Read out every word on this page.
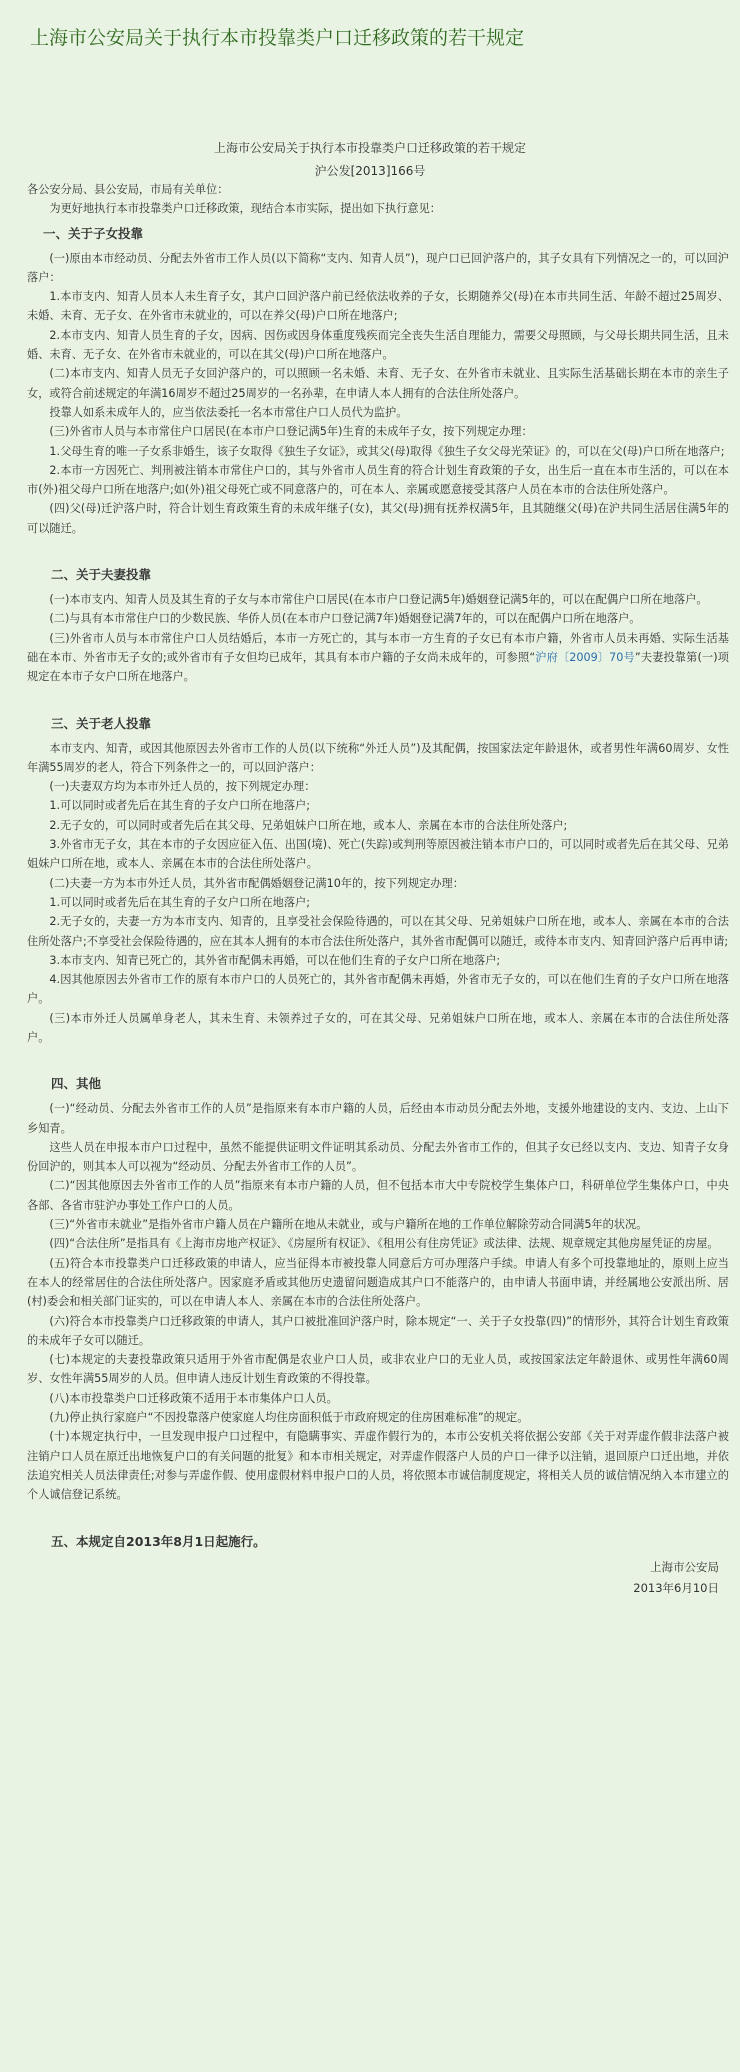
上海市公安局关于执行本市投靠类户口迁移政策的若干规定
上海市公安局关于执行本市投靠类户口迁移政策的若干规定
沪公发[2013]166号

各公安分局、县公安局，市局有关单位：

为更好地执行本市投靠类户口迁移政策，现结合本市实际，提出如下执行意见：

一、关于子女投靠

(一)原由本市经动员、分配去外省市工作人员(以下简称“支内、知青人员”)，现户口已回沪落户的，其子女具有下列情况之一的，可以回沪落户：

1.本市支内、知青人员本人未生育子女，其户口回沪落户前已经依法收养的子女，长期随养父(母)在本市共同生活、年龄不超过25周岁、未婚、未育、无子女、在外省市未就业的，可以在养父(母)户口所在地落户;

2.本市支内、知青人员生育的子女，因病、因伤或因身体重度残疾而完全丧失生活自理能力，需要父母照顾，与父母长期共同生活，且未婚、未育、无子女、在外省市未就业的，可以在其父(母)户口所在地落户。

(二)本市支内、知青人员无子女回沪落户的，可以照顾一名未婚、未育、无子女、在外省市未就业、且实际生活基础长期在本市的亲生子女，或符合前述规定的年满16周岁不超过25周岁的一名孙辈，在申请人本人拥有的合法住所处落户。

投靠人如系未成年人的，应当依法委托一名本市常住户口人员代为监护。

(三)外省市人员与本市常住户口居民(在本市户口登记满5年)生育的未成年子女，按下列规定办理：

1.父母生育的唯一子女系非婚生，该子女取得《独生子女证》，或其父(母)取得《独生子女父母光荣证》的，可以在父(母)户口所在地落户;

2.本市一方因死亡、判刑被注销本市常住户口的，其与外省市人员生育的符合计划生育政策的子女，出生后一直在本市生活的，可以在本市(外)祖父母户口所在地落户;如(外)祖父母死亡或不同意落户的，可在本人、亲属或愿意接受其落户人员在本市的合法住所处落户。

(四)父(母)迁沪落户时，符合计划生育政策生育的未成年继子(女)，其父(母)拥有抚养权满5年，且其随继父(母)在沪共同生活居住满5年的可以随迁。

二、关于夫妻投靠

(一)本市支内、知青人员及其生育的子女与本市常住户口居民(在本市户口登记满5年)婚姻登记满5年的，可以在配偶户口所在地落户。

(二)与具有本市常住户口的少数民族、华侨人员(在本市户口登记满7年)婚姻登记满7年的，可以在配偶户口所在地落户。

(三)外省市人员与本市常住户口人员结婚后，本市一方死亡的，其与本市一方生育的子女已有本市户籍，外省市人员未再婚、实际生活基础在本市、外省市无子女的;或外省市有子女但均已成年，其具有本市户籍的子女尚未成年的，可参照“沪府〔2009〕70号”夫妻投靠第(一)项规定在本市子女户口所在地落户。

三、关于老人投靠

本市支内、知青，或因其他原因去外省市工作的人员(以下统称“外迁人员”)及其配偶，按国家法定年龄退休，或者男性年满60周岁、女性年满55周岁的老人，符合下列条件之一的，可以回沪落户：

(一)夫妻双方均为本市外迁人员的，按下列规定办理：

1.可以同时或者先后在其生育的子女户口所在地落户;

2.无子女的，可以同时或者先后在其父母、兄弟姐妹户口所在地，或本人、亲属在本市的合法住所处落户;

3.外省市无子女，其在本市的子女因应征入伍、出国(境)、死亡(失踪)或判刑等原因被注销本市户口的，可以同时或者先后在其父母、兄弟姐妹户口所在地，或本人、亲属在本市的合法住所处落户。

(二)夫妻一方为本市外迁人员，其外省市配偶婚姻登记满10年的，按下列规定办理：

1.可以同时或者先后在其生育的子女户口所在地落户;

2.无子女的，夫妻一方为本市支内、知青的，且享受社会保险待遇的，可以在其父母、兄弟姐妹户口所在地，或本人、亲属在本市的合法住所处落户;不享受社会保险待遇的，应在其本人拥有的本市合法住所处落户，其外省市配偶可以随迁，或待本市支内、知青回沪落户后再申请;

3.本市支内、知青已死亡的，其外省市配偶未再婚，可以在他们生育的子女户口所在地落户;

4.因其他原因去外省市工作的原有本市户口的人员死亡的，其外省市配偶未再婚，外省市无子女的，可以在他们生育的子女户口所在地落户。

(三)本市外迁人员属单身老人，其未生育、未领养过子女的，可在其父母、兄弟姐妹户口所在地，或本人、亲属在本市的合法住所处落户。

四、其他

(一)“经动员、分配去外省市工作的人员”是指原来有本市户籍的人员，后经由本市动员分配去外地，支援外地建设的支内、支边、上山下乡知青。

这些人员在申报本市户口过程中，虽然不能提供证明文件证明其系动员、分配去外省市工作的，但其子女已经以支内、支边、知青子女身份回沪的，则其本人可以视为“经动员、分配去外省市工作的人员”。

(二)“因其他原因去外省市工作的人员”指原来有本市户籍的人员，但不包括本市大中专院校学生集体户口，科研单位学生集体户口，中央各部、各省市驻沪办事处工作户口的人员。

(三)“外省市未就业”是指外省市户籍人员在户籍所在地从未就业，或与户籍所在地的工作单位解除劳动合同满5年的状况。

(四)“合法住所”是指具有《上海市房地产权证》、《房屋所有权证》、《租用公有住房凭证》或法律、法规、规章规定其他房屋凭证的房屋。

(五)符合本市投靠类户口迁移政策的申请人，应当征得本市被投靠人同意后方可办理落户手续。申请人有多个可投靠地址的，原则上应当在本人的经常居住的合法住所处落户。因家庭矛盾或其他历史遗留问题造成其户口不能落户的，由申请人书面申请，并经属地公安派出所、居(村)委会和相关部门证实的，可以在申请人本人、亲属在本市的合法住所处落户。

(六)符合本市投靠类户口迁移政策的申请人，其户口被批准回沪落户时，除本规定“一、关于子女投靠(四)”的情形外，其符合计划生育政策的未成年子女可以随迁。

(七)本规定的夫妻投靠政策只适用于外省市配偶是农业户口人员，或非农业户口的无业人员，或按国家法定年龄退休、或男性年满60周岁、女性年满55周岁的人员。但申请人违反计划生育政策的不得投靠。

(八)本市投靠类户口迁移政策不适用于本市集体户口人员。

(九)停止执行家庭户“不因投靠落户使家庭人均住房面积低于市政府规定的住房困难标准”的规定。

(十)本规定执行中，一旦发现申报户口过程中，有隐瞒事实、弄虚作假行为的，本市公安机关将依据公安部《关于对弄虚作假非法落户被注销户口人员在原迁出地恢复户口的有关问题的批复》和本市相关规定，对弄虚作假落户人员的户口一律予以注销，退回原户口迁出地，并依法追究相关人员法律责任;对参与弄虚作假、使用虚假材料申报户口的人员，将依照本市诚信制度规定，将相关人员的诚信情况纳入本市建立的个人诚信登记系统。

五、本规定自2013年8月1日起施行。
上海市公安局
2013年6月10日
